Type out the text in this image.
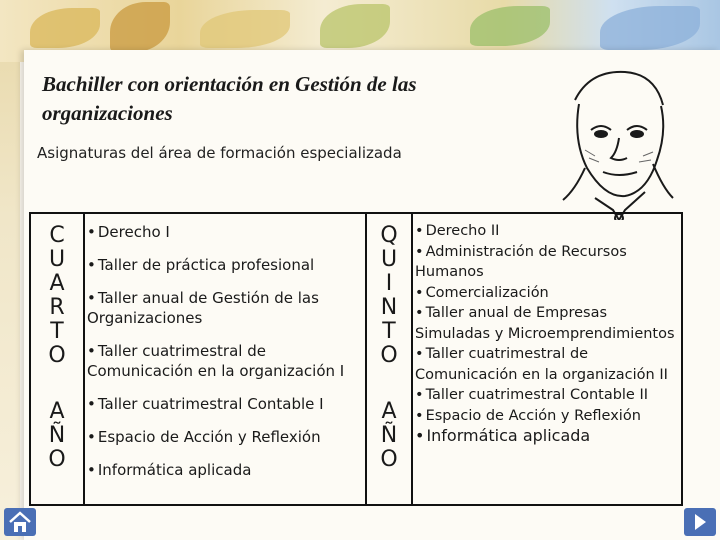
Bachiller con orientación en Gestión de las organizaciones
Asignaturas del área de formación especializada
C
U
A
R
T
O
A
Ñ
O

• Derecho I
• Taller de práctica profesional
• Taller anual de Gestión de las Organizaciones
• Taller cuatrimestral de Comunicación en la organización I
• Taller cuatrimestral Contable I
• Espacio de Acción y Reflexión
• Informática aplicada

Q
U
I
N
T
O
A
Ñ
O

• Derecho II
• Administración de Recursos Humanos
• Comercialización
• Taller anual de Empresas Simuladas y Microemprendimientos
• Taller cuatrimestral de Comunicación en la organización II
• Taller cuatrimestral Contable II
• Espacio de Acción y Reflexión
• Informática aplicada
